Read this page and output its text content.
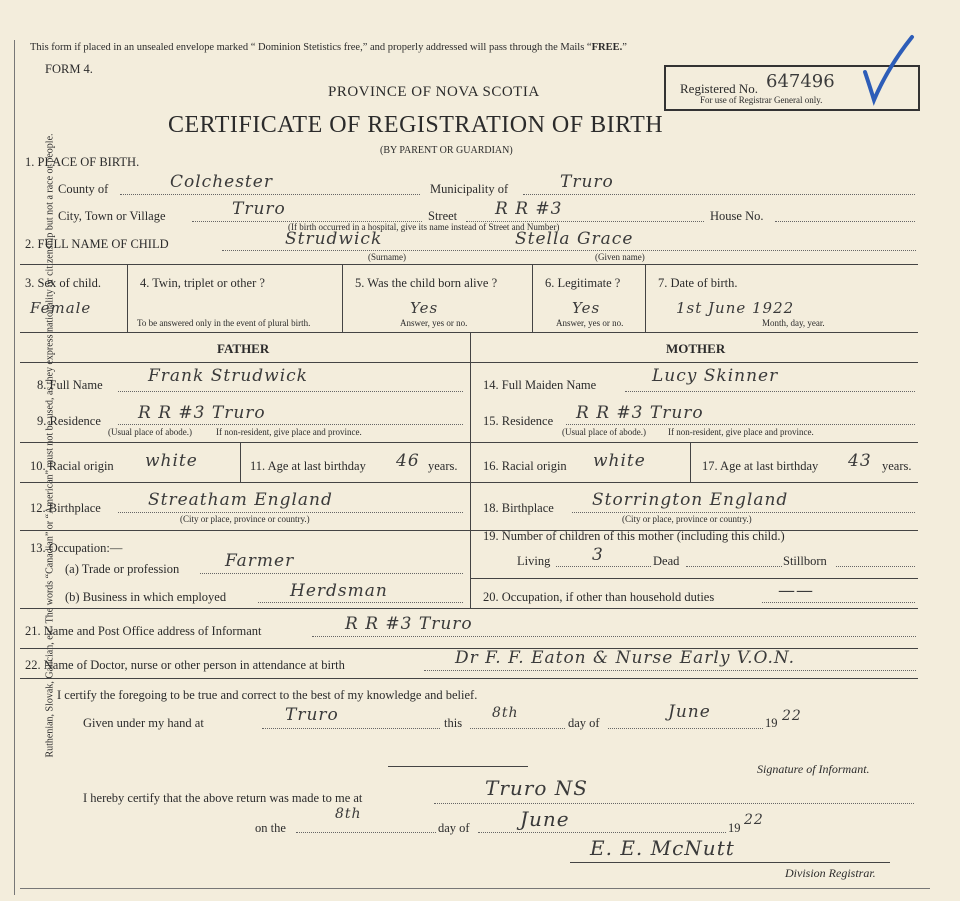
Ruthenian, Slovak, Galician, etc. The words “Canadian” or “American” must not be used, as they express nationality or citizenship but not a race or people.
This form if placed in an unsealed envelope marked “ Dominion Stetistics free,” and properly addressed will pass through the Mails “FREE.”
FORM 4.
PROVINCE OF NOVA SCOTIA	Registered No. 647496
For use of Registrar General only.
CERTIFICATE OF REGISTRATION OF BIRTH
(BY PARENT OR GUARDIAN)
1. PLACE OF BIRTH.
County of	Colchester	Municipality of	Truro
City, Town or Village	Truro	Street R R #3	House No.
(If birth occurred in a hospital, give its name instead of Street and Number)
2. FULL NAME OF CHILD	Strudwick	Stella Grace
(Surname)	(Given name)
3. Sex of child.
Female
4. Twin, triplet or other ?
To be answered only in the event of plural birth.
5. Was the child born alive ?
Yes
Answer, yes or no.
6. Legitimate ?
Yes
Answer, yes or no.
7. Date of birth.
1st June 1922
Month, day, year.
FATHER	MOTHER
8. Full Name	Frank Strudwick
9. Residence R R #3 Truro
(Usual place of abode.)	If non-resident, give place and province.
10. Racial origin white	11. Age at last birthday 46 years.
12. Birthplace	Streatham England
(City or place, province or country.)
13. Occupation:—
(a) Trade or profession	Farmer
(b) Business in which employed	Herdsman
14. Full Maiden Name	Lucy Skinner
15. Residence R R #3 Truro
(Usual place of abode.) If non-resident, give place and province.
16. Racial origin white	17. Age at last birthday 43 years.
18. Birthplace Storrington England
(City or place, province or country.)
19. Number of children of this mother (including this child.)
Living 3	Dead	Stillborn
20. Occupation, if other than household duties	——
21. Name and Post Office address of Informant	R R #3 Truro
22. Name of Doctor, nurse or other person in attendance at birth	Dr F. F. Eaton & Nurse Early V.O.N.
I certify the foregoing to be true and correct to the best of my knowledge and belief.
Given under my hand at	Truro	this
8th
day of
June
19 22
Signature of Informant.
I hereby certify that the above return was made to me at	Truro NS
on the
8th
day of	June	19 22
E. E. McNutt
Division Registrar.
